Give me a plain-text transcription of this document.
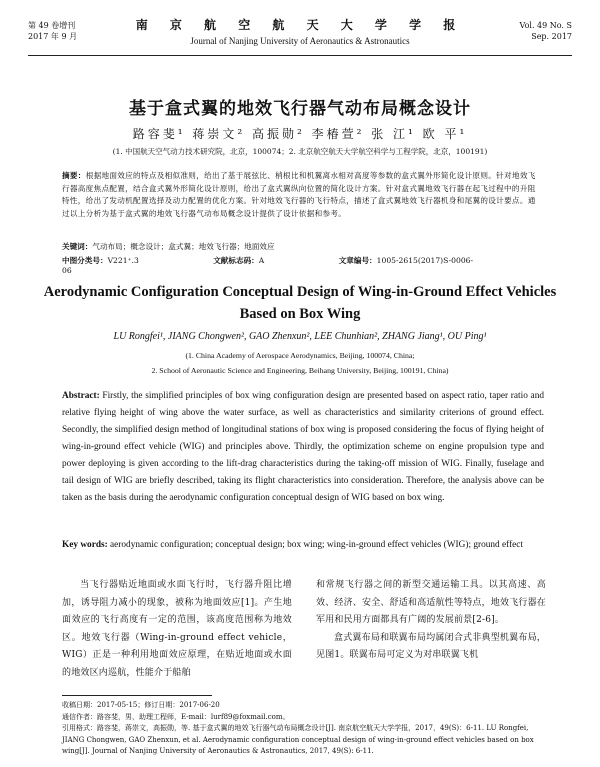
第 49 卷增刊
2017 年 9 月
南 京 航 空 航 天 大 学 学 报
Journal of Nanjing University of Aeronautics & Astronautics
Vol. 49 No. S
Sep. 2017
基于盒式翼的地效飞行器气动布局概念设计
路容斐¹ 蒋崇文² 高振勋² 李椿萱² 张 江¹ 欧 平¹
(1. 中国航天空气动力技术研究院，北京，100074；2. 北京航空航天大学航空科学与工程学院，北京，100191)
摘要：根据地面效应的特点及相似准则，给出了基于展弦比、梢根比和机翼离水相对高度等参数的盒式翼外形简化设计原则。针对地效飞行器高度焦点配置，结合盒式翼外形简化设计原则，给出了盒式翼纵向位置的简化设计方案。针对盒式翼地效飞行器在起飞过程中的升阻特性，给出了发动机配置选择及动力配置的优化方案。针对地效飞行器的飞行特点，描述了盒式翼地效飞行器机身和尾翼的设计要点。通过以上分析为基于盒式翼的地效飞行器气动布局概念设计提供了设计依据和参考。
关键词：气动布局；概念设计；盒式翼；地效飞行器；地面效应
中图分类号：V221⁺.3	文献标志码：A	文章编号：1005-2615(2017)S-0006-06
Aerodynamic Configuration Conceptual Design of Wing-in-Ground Effect Vehicles Based on Box Wing
LU Rongfei¹, JIANG Chongwen², GAO Zhenxun², LEE Chunhian², ZHANG Jiang¹, OU Ping¹
(1. China Academy of Aerospace Aerodynamics, Beijing, 100074, China;
2. School of Aeronautic Science and Engineering, Beihang University, Beijing, 100191, China)
Abstract: Firstly, the simplified principles of box wing configuration design are presented based on aspect ratio, taper ratio and relative flying height of wing above the water surface, as well as characteristics and similarity criterions of ground effect. Secondly, the simplified design method of longitudinal stations of box wing is proposed considering the focus of flying height of wing-in-ground effect vehicle (WIG) and principles above. Thirdly, the optimization scheme on engine propulsion type and power deploying is given according to the lift-drag characteristics during the taking-off mission of WIG. Finally, fuselage and tail design of WIG are briefly described, taking its flight characteristics into consideration. Therefore, the analysis above can be taken as the basis during the aerodynamic configuration conceptual design of WIG based on box wing.
Key words: aerodynamic configuration; conceptual design; box wing; wing-in-ground effect vehicles (WIG); ground effect
当飞行器贴近地面或水面飞行时，飞行器升阻比增加，诱导阻力减小的现象，被称为地面效应[1]。产生地面效应的飞行高度有一定的范围，该高度范围称为地效区。地效飞行器（Wing-in-ground effect vehicle，WIG）正是一种利用地面效应原理，在贴近地面或水面的地效区内巡航，性能介于船舶
和常规飞行器之间的新型交通运输工具。以其高速、高效、经济、安全、舒适和高适航性等特点，地效飞行器在军用和民用方面都具有广阔的发展前景[2-6]。
盒式翼布局和联翼布局均属闭合式非典型机翼布局，见图1。联翼布局可定义为对串联翼飞机

收稿日期：2017-05-15；修订日期：2017-06-20

通信作者：路容斐，男，助理工程师，E-mail：lurf89@foxmail.com。

引用格式：路容斐，蒋崇文，高振勋，等. 基于盒式翼的地效飞行器气动布局概念设计[J]. 南京航空航天大学学报，2017，49(S)：6-11. LU Rongfei, JIANG Chongwen, GAO Zhenxun, et al. Aerodynamic configuration conceptual design of wing-in-ground effect vehicles based on box wing[J]. Journal of Nanjing University of Aeronautics & Astronautics, 2017, 49(S): 6-11.
